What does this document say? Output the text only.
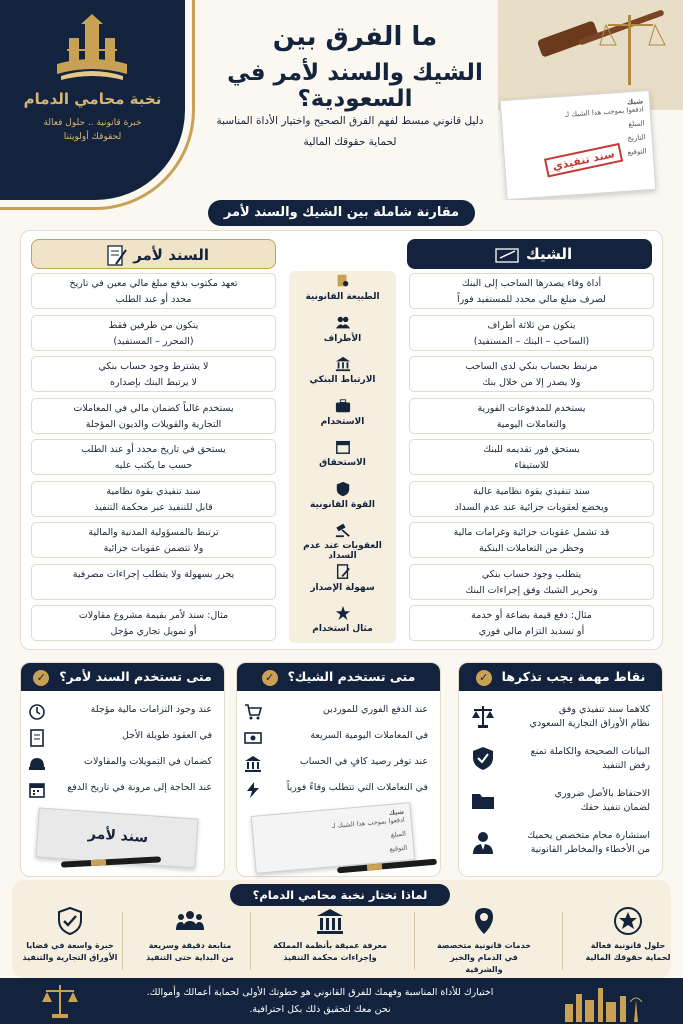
نخبة محامي الدمام
خبرة قانونية .. حلول فعالة
لحقوقك أولويتنا
ما الفرق بين
الشيك والسند لأمر في السعودية؟
دليل قانوني مبسط لفهم الفرق الصحيح واختيار الأداة المناسبة
لحماية حقوقك المالية
شيك
ادفعوا بموجب هذا الشيك لـ
المبلغ
التاريخ
التوقيع
سند تنفيذي
مقارنة شاملة بين الشيك والسند لأمر
الشيك
السند لأمر
أداة وفاء يصدرها الساحب إلى البنك
لصرف مبلغ مالي محدد للمستفيد فوراً
الطبيعة القانونية
تعهد مكتوب بدفع مبلغ مالي معين في تاريخ
محدد أو عند الطلب
يتكون من ثلاثة أطراف
(الساحب – البنك – المستفيد)
الأطراف
يتكون من طرفين فقط
(المحرر – المستفيد)
مرتبط بحساب بنكي لدى الساحب
ولا يصدر إلا من خلال بنك
الارتباط البنكي
لا يشترط وجود حساب بنكي
لا يرتبط البنك بإصداره
يستخدم للمدفوعات الفورية
والتعاملات اليومية
الاستخدام
يستخدم غالباً كضمان مالي في المعاملات
التجارية والقويلات والديون المؤجلة
يستحق فور تقديمه للبنك
للاستيفاء
الاستحقاق
يستحق في تاريخ محدد أو عند الطلب
حسب ما يكتب عليه
سند تنفيذي بقوة نظامية عالية
ويخضع لعقوبات جزائية عند عدم السداد
القوة القانونية
سند تنفيذي بقوة نظامية
قابل للتنفيذ عبر محكمة التنفيذ
قد تشمل عقوبات جزائية وغرامات مالية
وحظر من التعاملات البنكية
العقوبات عند عدم السداد
ترتبط بالمسؤولية المدنية والمالية
ولا تتضمن عقوبات جزائية
يتطلب وجود حساب بنكي
وتحرير الشيك وفق إجراءات البنك
سهولة الإصدار
يحرر بسهولة ولا يتطلب إجراءات مصرفية

مثال: دفع قيمة بضاعة أو خدمة
أو تسديد التزام مالي فوري
مثال استخدام
مثال: سند لأمر بقيمة مشروع مقاولات
أو تمويل تجاري مؤجل
نقاط مهمة يجب تذكرها✓
كلاهما سند تنفيذي وفق
نظام الأوراق التجارية السعودي
البيانات الصحيحة والكاملة تمنع
رفض التنفيذ
الاحتفاظ بالأصل ضروري
لضمان تنفيذ حقك
استشارة محام متخصص يحميك
من الأخطاء والمخاطر القانونية
متى تستخدم الشيك؟✓
عند الدفع الفوري للموردين
في المعاملات اليومية السريعة
عند توفر رصيد كافٍ في الحساب
في التعاملات التي تتطلب وفاءً فورياً
شيك
ادفعوا بموجب هذا الشيك لـ
المبلغ
التوقيع
متى تستخدم السند لأمر؟✓
عند وجود التزامات مالية مؤجلة
في العقود طويلة الأجل
كضمان في التمويلات والمقاولات
عند الحاجة إلى مرونة في تاريخ الدفع
سند لأمر
لماذا تختار نخبة محامي الدمام؟
حلول قانونية فعالة
لحماية حقوقك المالية
خدمات قانونية متخصصة
في الدمام والخبر والشرقية
معرفة عميقة بأنظمة المملكة
وإجراءات محكمة التنفيذ
متابعة دقيقة وسريعة
من البداية حتى التنفيذ
خبرة واسعة في قضايا
الأوراق التجارية والتنفيذ
اختيارك للأداة المناسبة وفهمك للفرق القانوني هو خطوتك الأولى لحماية أعمالك وأموالك.
نحن معك لتحقيق ذلك بكل احترافية.
